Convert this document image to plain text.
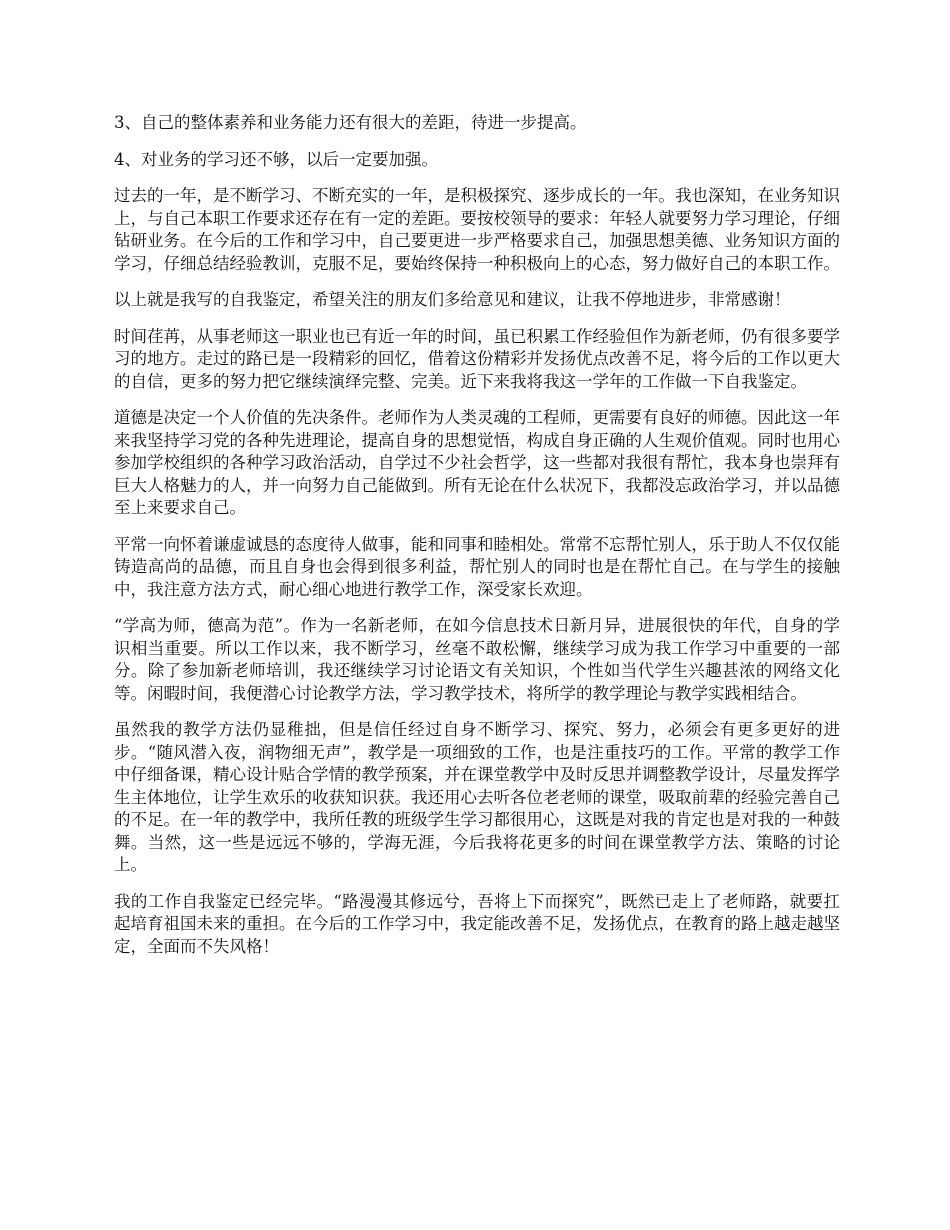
3、自己的整体素养和业务能力还有很大的差距，待进一步提高。

4、对业务的学习还不够，以后一定要加强。

过去的一年，是不断学习、不断充实的一年，是积极探究、逐步成长的一年。我也深知，在业务知识上，与自己本职工作要求还存在有一定的差距。要按校领导的要求：年轻人就要努力学习理论，仔细钻研业务。在今后的工作和学习中，自己要更进一步严格要求自己，加强思想美德、业务知识方面的学习，仔细总结经验教训，克服不足，要始终保持一种积极向上的心态，努力做好自己的本职工作。

以上就是我写的自我鉴定，希望关注的朋友们多给意见和建议，让我不停地进步，非常感谢！

时间荏苒，从事老师这一职业也已有近一年的时间，虽已积累工作经验但作为新老师，仍有很多要学习的地方。走过的路已是一段精彩的回忆，借着这份精彩并发扬优点改善不足，将今后的工作以更大的自信，更多的努力把它继续演绎完整、完美。近下来我将我这一学年的工作做一下自我鉴定。

道德是决定一个人价值的先决条件。老师作为人类灵魂的工程师，更需要有良好的师德。因此这一年来我坚持学习党的各种先进理论，提高自身的思想觉悟，构成自身正确的人生观价值观。同时也用心参加学校组织的各种学习政治活动，自学过不少社会哲学，这一些都对我很有帮忙，我本身也崇拜有巨大人格魅力的人，并一向努力自己能做到。所有无论在什么状况下，我都没忘政治学习，并以品德至上来要求自己。

平常一向怀着谦虚诚恳的态度待人做事，能和同事和睦相处。常常不忘帮忙别人，乐于助人不仅仅能铸造高尚的品德，而且自身也会得到很多利益，帮忙别人的同时也是在帮忙自己。在与学生的接触中，我注意方法方式，耐心细心地进行教学工作，深受家长欢迎。

“学高为师，德高为范”。作为一名新老师，在如今信息技术日新月异，进展很快的年代，自身的学识相当重要。所以工作以来，我不断学习，丝毫不敢松懈，继续学习成为我工作学习中重要的一部分。除了参加新老师培训，我还继续学习讨论语文有关知识，个性如当代学生兴趣甚浓的网络文化等。闲暇时间，我便潜心讨论教学方法，学习教学技术，将所学的教学理论与教学实践相结合。

虽然我的教学方法仍显稚拙，但是信任经过自身不断学习、探究、努力，必须会有更多更好的进步。“随风潜入夜，润物细无声”，教学是一项细致的工作，也是注重技巧的工作。平常的教学工作中仔细备课，精心设计贴合学情的教学预案，并在课堂教学中及时反思并调整教学设计，尽量发挥学生主体地位，让学生欢乐的收获知识获。我还用心去听各位老老师的课堂，吸取前辈的经验完善自己的不足。在一年的教学中，我所任教的班级学生学习都很用心，这既是对我的肯定也是对我的一种鼓舞。当然，这一些是远远不够的，学海无涯，今后我将花更多的时间在课堂教学方法、策略的讨论上。

我的工作自我鉴定已经完毕。“路漫漫其修远兮，吾将上下而探究”，既然已走上了老师路，就要扛起培育祖国未来的重担。在今后的工作学习中，我定能改善不足，发扬优点，在教育的路上越走越坚定，全面而不失风格！
